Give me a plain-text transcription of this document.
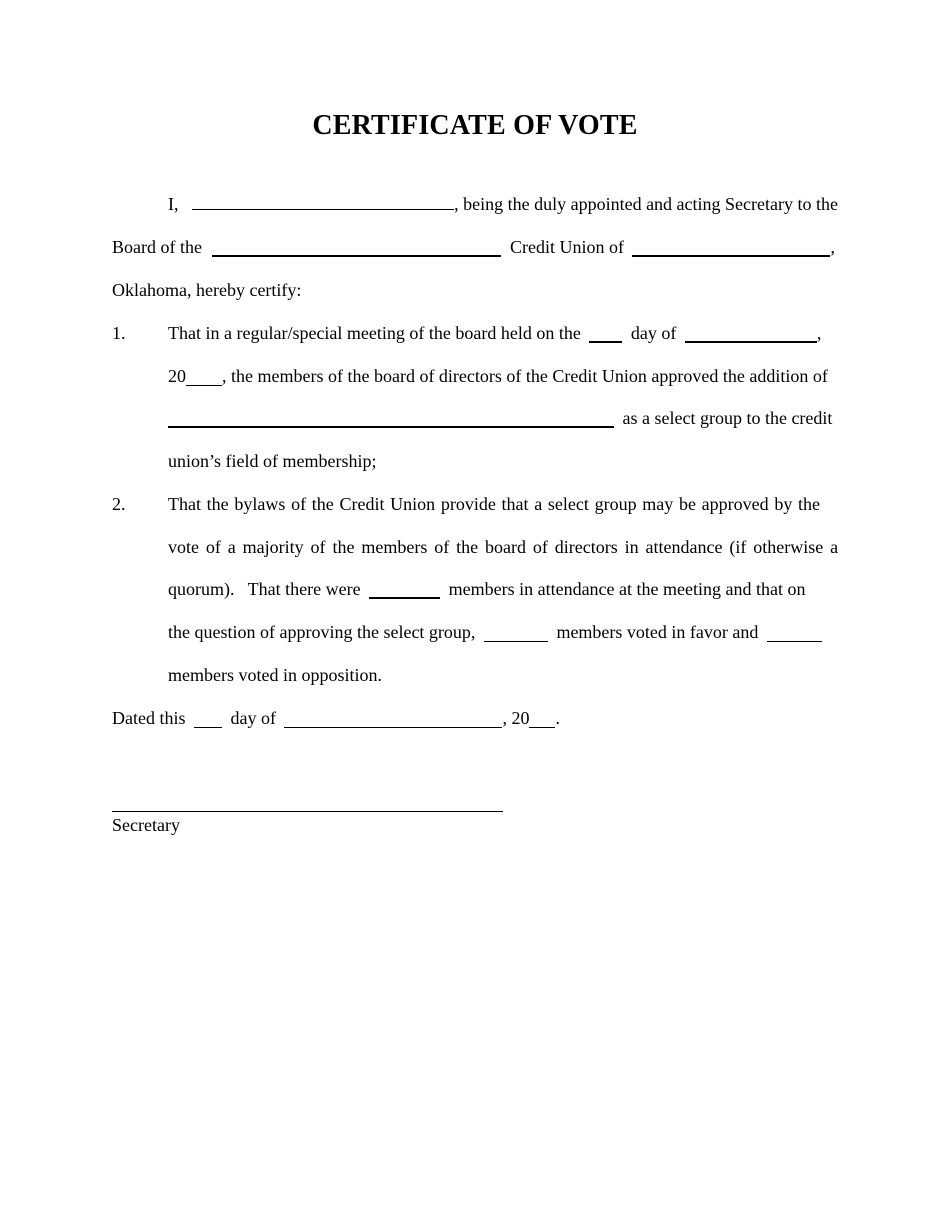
CERTIFICATE OF VOTE
I,	, being the duly appointed and acting Secretary to the
Board of the	Credit Union of	,
Oklahoma, hereby certify:
1. That in a regular/special meeting of the board held on the	day of	,
20 , the members of the board of directors of the Credit Union approved the addition of
as a select group to the credit
union’s field of membership;
2. That the bylaws of the Credit Union provide that a select group may be approved by the
vote of a majority of the members of the board of directors in attendance (if otherwise a
quorum).   That there were	members in attendance at the meeting and that on
the question of approving the select group,	members voted in favor and
members voted in opposition.
Dated this	day of	, 20 .
Secretary
